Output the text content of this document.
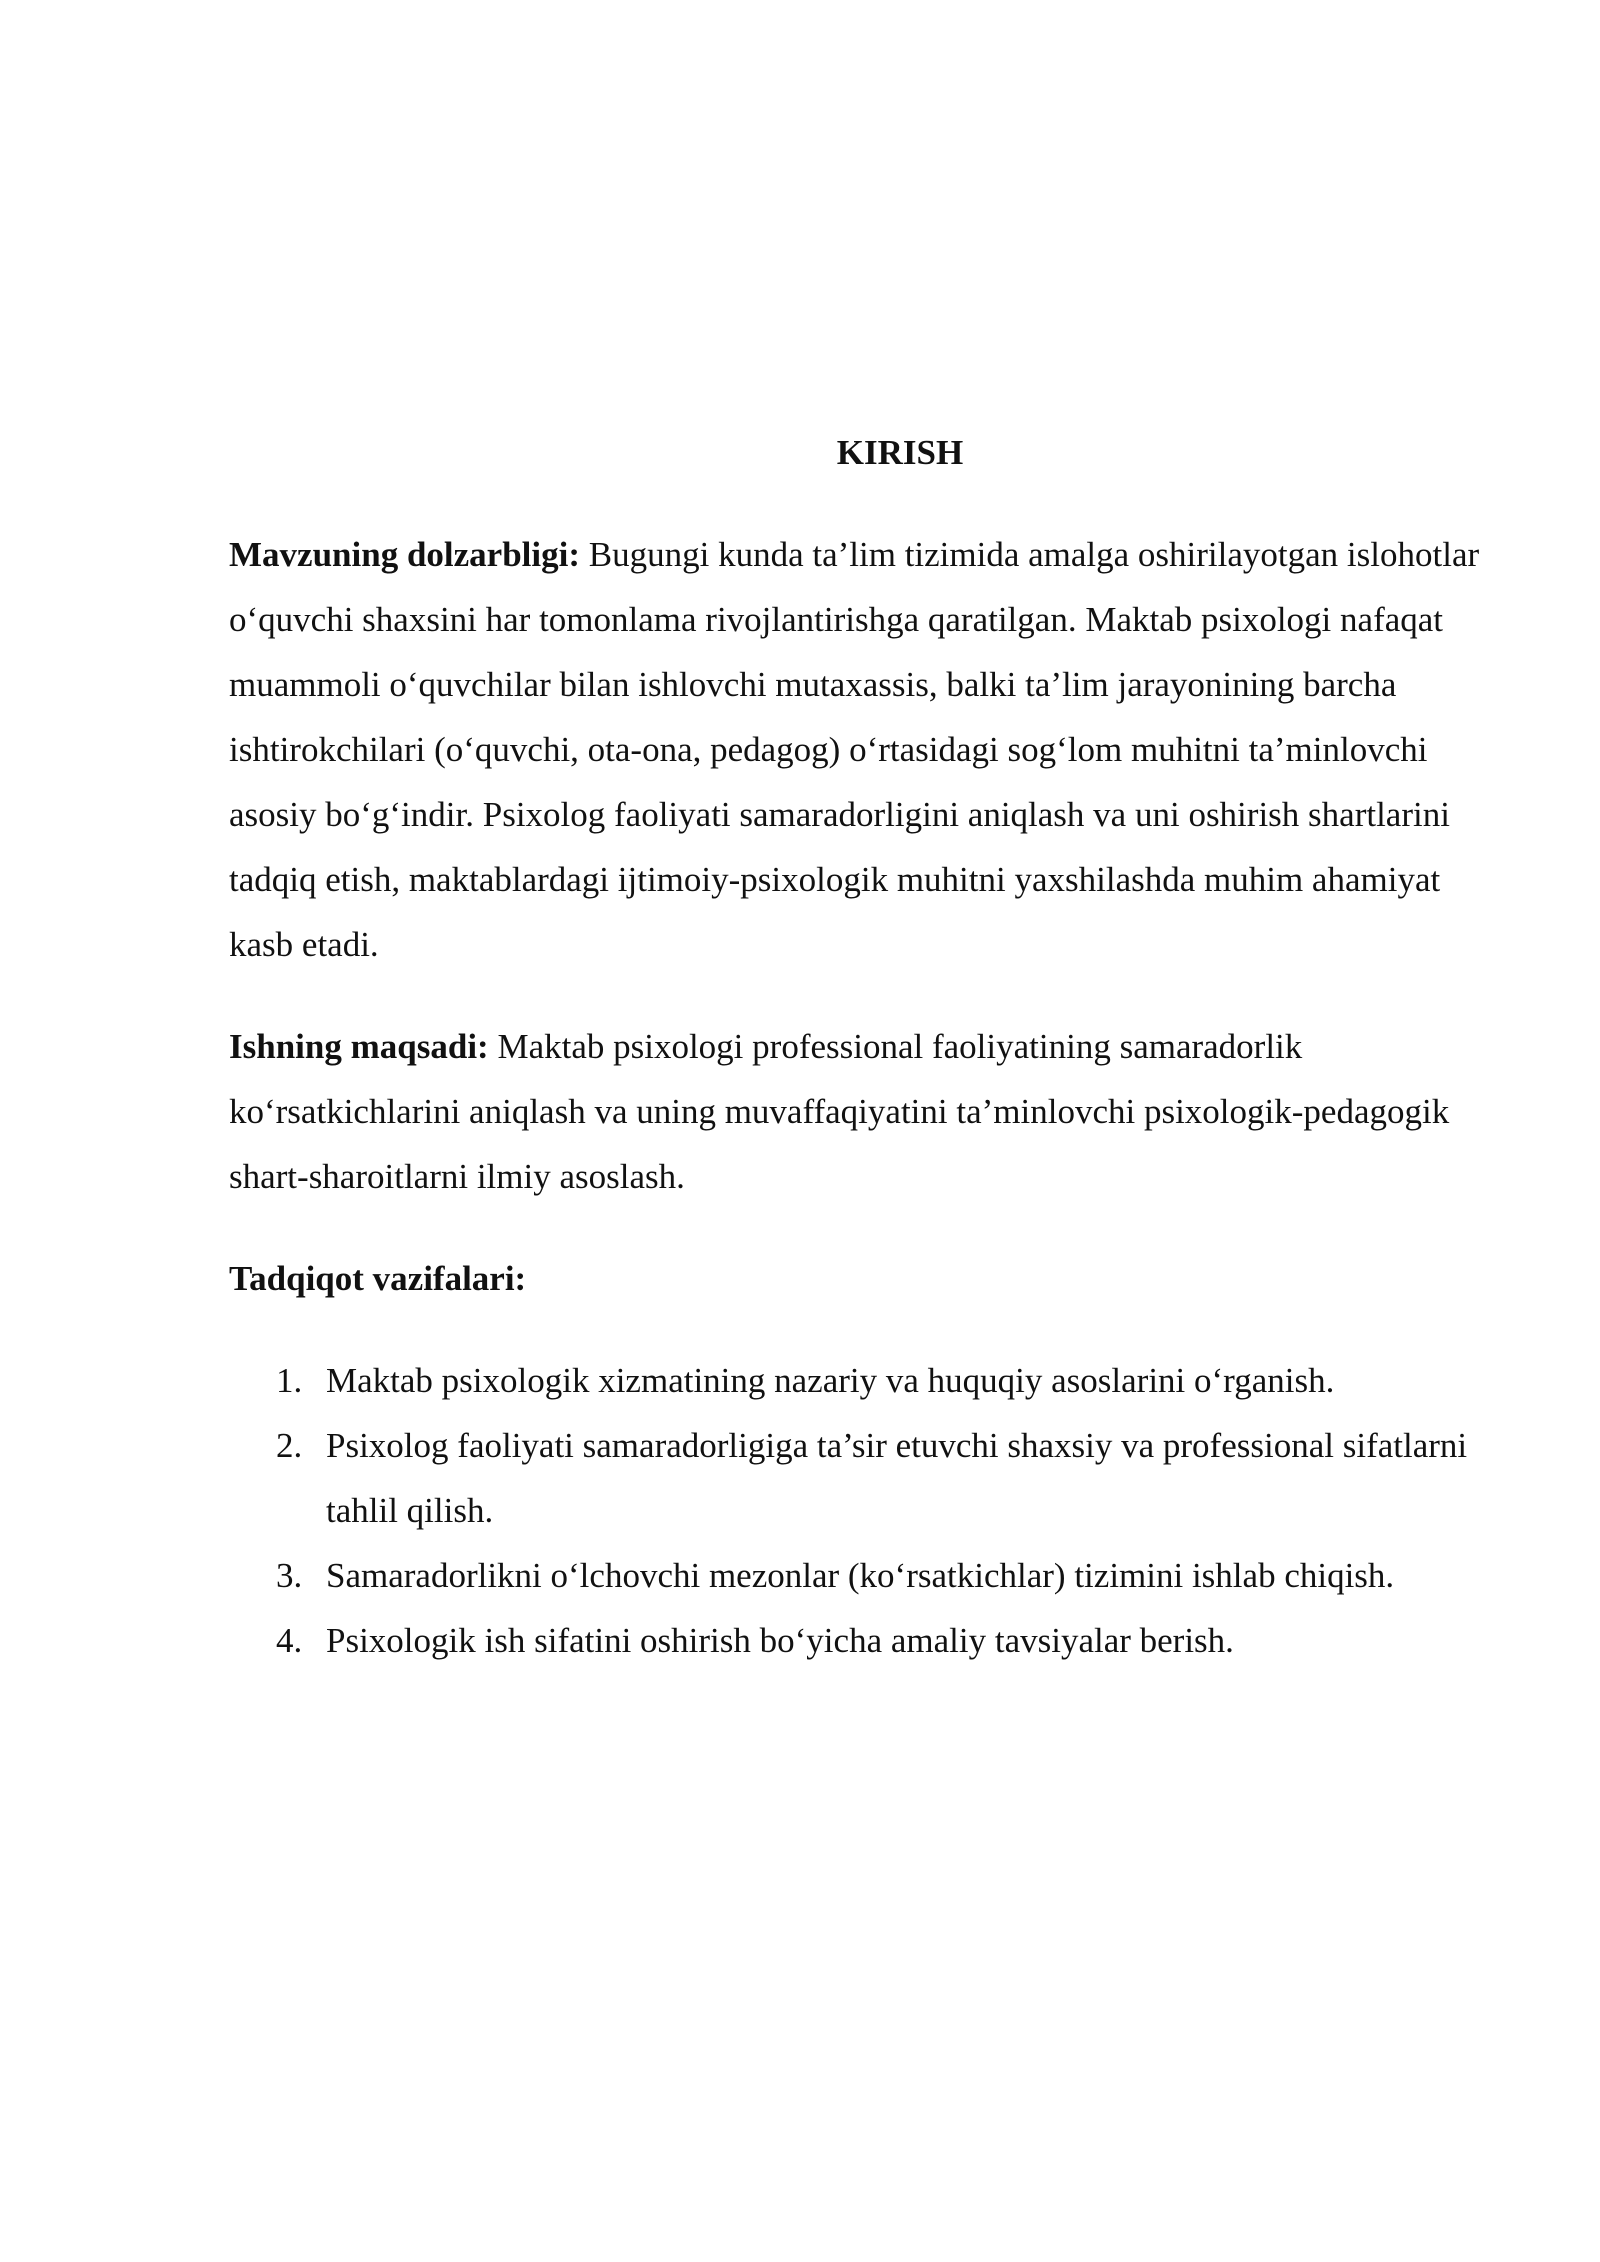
KIRISH

Mavzuning dolzarbligi: Bugungi kunda ta’lim tizimida amalga oshirilayotgan islohotlar o‘quvchi shaxsini har tomonlama rivojlantirishga qaratilgan. Maktab psixologi nafaqat muammoli o‘quvchilar bilan ishlovchi mutaxassis, balki ta’lim jarayonining barcha ishtirokchilari (o‘quvchi, ota-ona, pedagog) o‘rtasidagi sog‘lom muhitni ta’minlovchi asosiy bo‘g‘indir. Psixolog faoliyati samaradorligini aniqlash va uni oshirish shartlarini tadqiq etish, maktablardagi ijtimoiy-psixologik muhitni yaxshilashda muhim ahamiyat kasb etadi.

Ishning maqsadi: Maktab psixologi professional faoliyatining samaradorlik ko‘rsatkichlarini aniqlash va uning muvaffaqiyatini ta’minlovchi psixologik-pedagogik shart-sharoitlarni ilmiy asoslash.

Tadqiqot vazifalari:
1. Maktab psixologik xizmatining nazariy va huquqiy asoslarini o‘rganish.
2. Psixolog faoliyati samaradorligiga ta’sir etuvchi shaxsiy va professional sifatlarni tahlil qilish.
3. Samaradorlikni o‘lchovchi mezonlar (ko‘rsatkichlar) tizimini ishlab chiqish.
4. Psixologik ish sifatini oshirish bo‘yicha amaliy tavsiyalar berish.
